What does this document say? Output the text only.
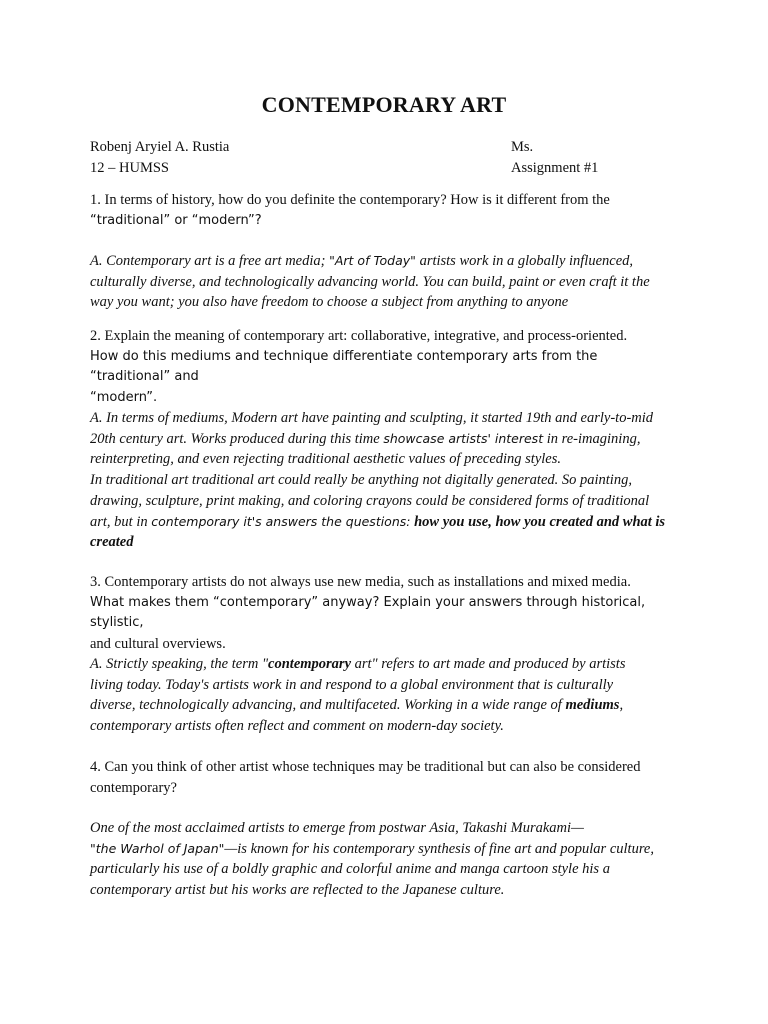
CONTEMPORARY ART
Robenj Aryiel A. Rustia	Ms.
12 – HUMSS	Assignment #1
1. In terms of history, how do you definite the contemporary? How is it different from the
“traditional” or “modern”?
A. Contemporary art is a free art media; "Art of Today" artists work in a globally influenced,
culturally diverse, and technologically advancing world. You can build, paint or even craft it the
way you want; you also have freedom to choose a subject from anything to anyone
2. Explain the meaning of contemporary art: collaborative, integrative, and process-oriented.
How do this mediums and technique differentiate contemporary arts from the “traditional” and
“modern”.
A. In terms of mediums, Modern art have painting and sculpting, it started 19th and early-to-mid
20th century art. Works produced during this time showcase artists' interest in re-imagining,
reinterpreting, and even rejecting traditional aesthetic values of preceding styles.
In traditional art traditional art could really be anything not digitally generated. So painting,
drawing, sculpture, print making, and coloring crayons could be considered forms of traditional
art, but in contemporary it's answers the questions: how you use, how you created and what is
created
3. Contemporary artists do not always use new media, such as installations and mixed media.
What makes them “contemporary” anyway? Explain your answers through historical, stylistic,
and cultural overviews.
A. Strictly speaking, the term "contemporary art" refers to art made and produced by artists
living today. Today's artists work in and respond to a global environment that is culturally
diverse, technologically advancing, and multifaceted. Working in a wide range of mediums,
contemporary artists often reflect and comment on modern-day society.
4. Can you think of other artist whose techniques may be traditional but can also be considered
contemporary?
One of the most acclaimed artists to emerge from postwar Asia, Takashi Murakami—
"the Warhol of Japan"—is known for his contemporary synthesis of fine art and popular culture,
particularly his use of a boldly graphic and colorful anime and manga cartoon style his a
contemporary artist but his works are reflected to the Japanese culture.
